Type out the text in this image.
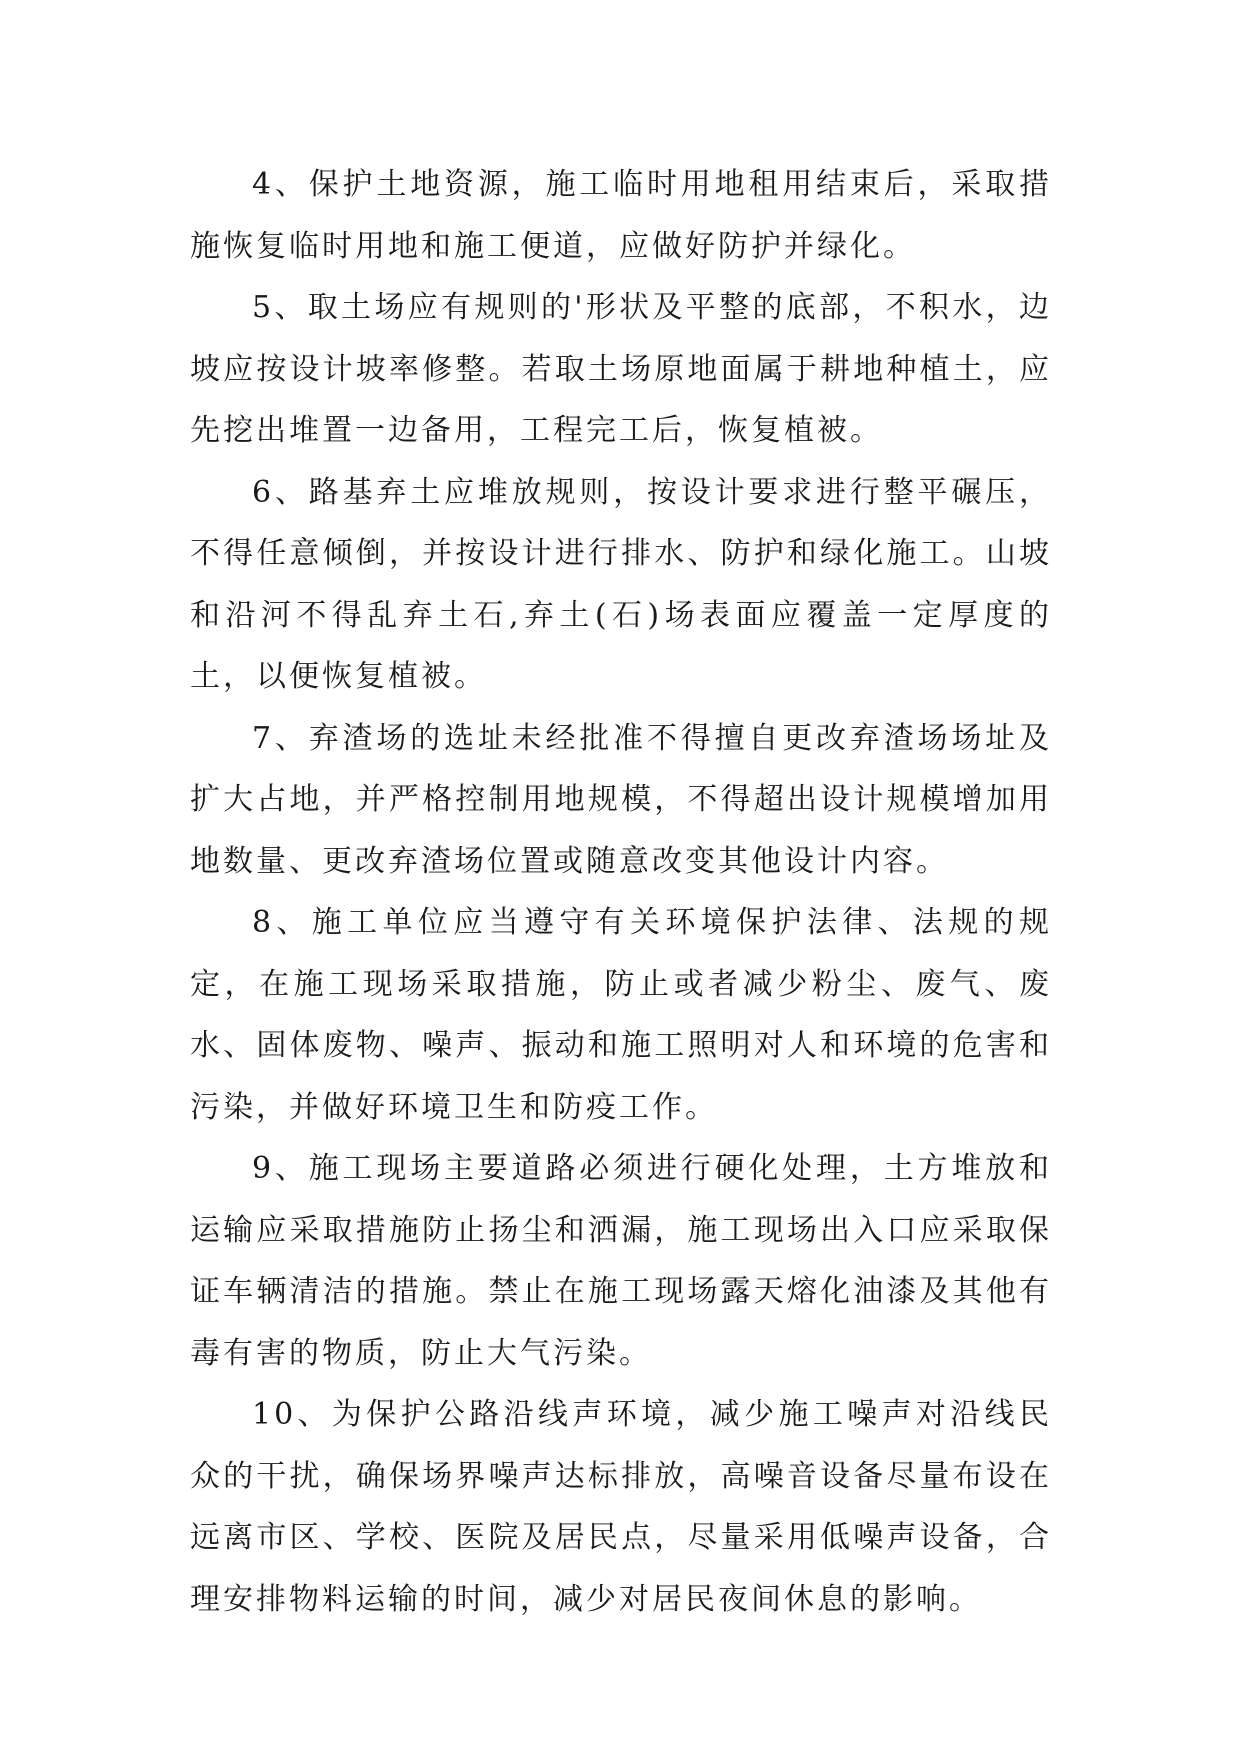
4、保护土地资源，施工临时用地租用结束后，采取措施恢复临时用地和施工便道，应做好防护并绿化。

5、取土场应有规则的'形状及平整的底部，不积水，边坡应按设计坡率修整。若取土场原地面属于耕地种植土，应先挖出堆置一边备用，工程完工后，恢复植被。

6、路基弃土应堆放规则，按设计要求进行整平碾压，不得任意倾倒，并按设计进行排水、防护和绿化施工。山坡和沿河不得乱弃土石,弃土(石)场表面应覆盖一定厚度的土，以便恢复植被。

7、弃渣场的选址未经批准不得擅自更改弃渣场场址及扩大占地，并严格控制用地规模，不得超出设计规模增加用地数量、更改弃渣场位置或随意改变其他设计内容。

8、施工单位应当遵守有关环境保护法律、法规的规定，在施工现场采取措施，防止或者减少粉尘、废气、废水、固体废物、噪声、振动和施工照明对人和环境的危害和污染，并做好环境卫生和防疫工作。

9、施工现场主要道路必须进行硬化处理，土方堆放和运输应采取措施防止扬尘和洒漏，施工现场出入口应采取保证车辆清洁的措施。禁止在施工现场露天熔化油漆及其他有毒有害的物质，防止大气污染。

10、为保护公路沿线声环境，减少施工噪声对沿线民众的干扰，确保场界噪声达标排放，高噪音设备尽量布设在远离市区、学校、医院及居民点，尽量采用低噪声设备，合理安排物料运输的时间，减少对居民夜间休息的影响。
